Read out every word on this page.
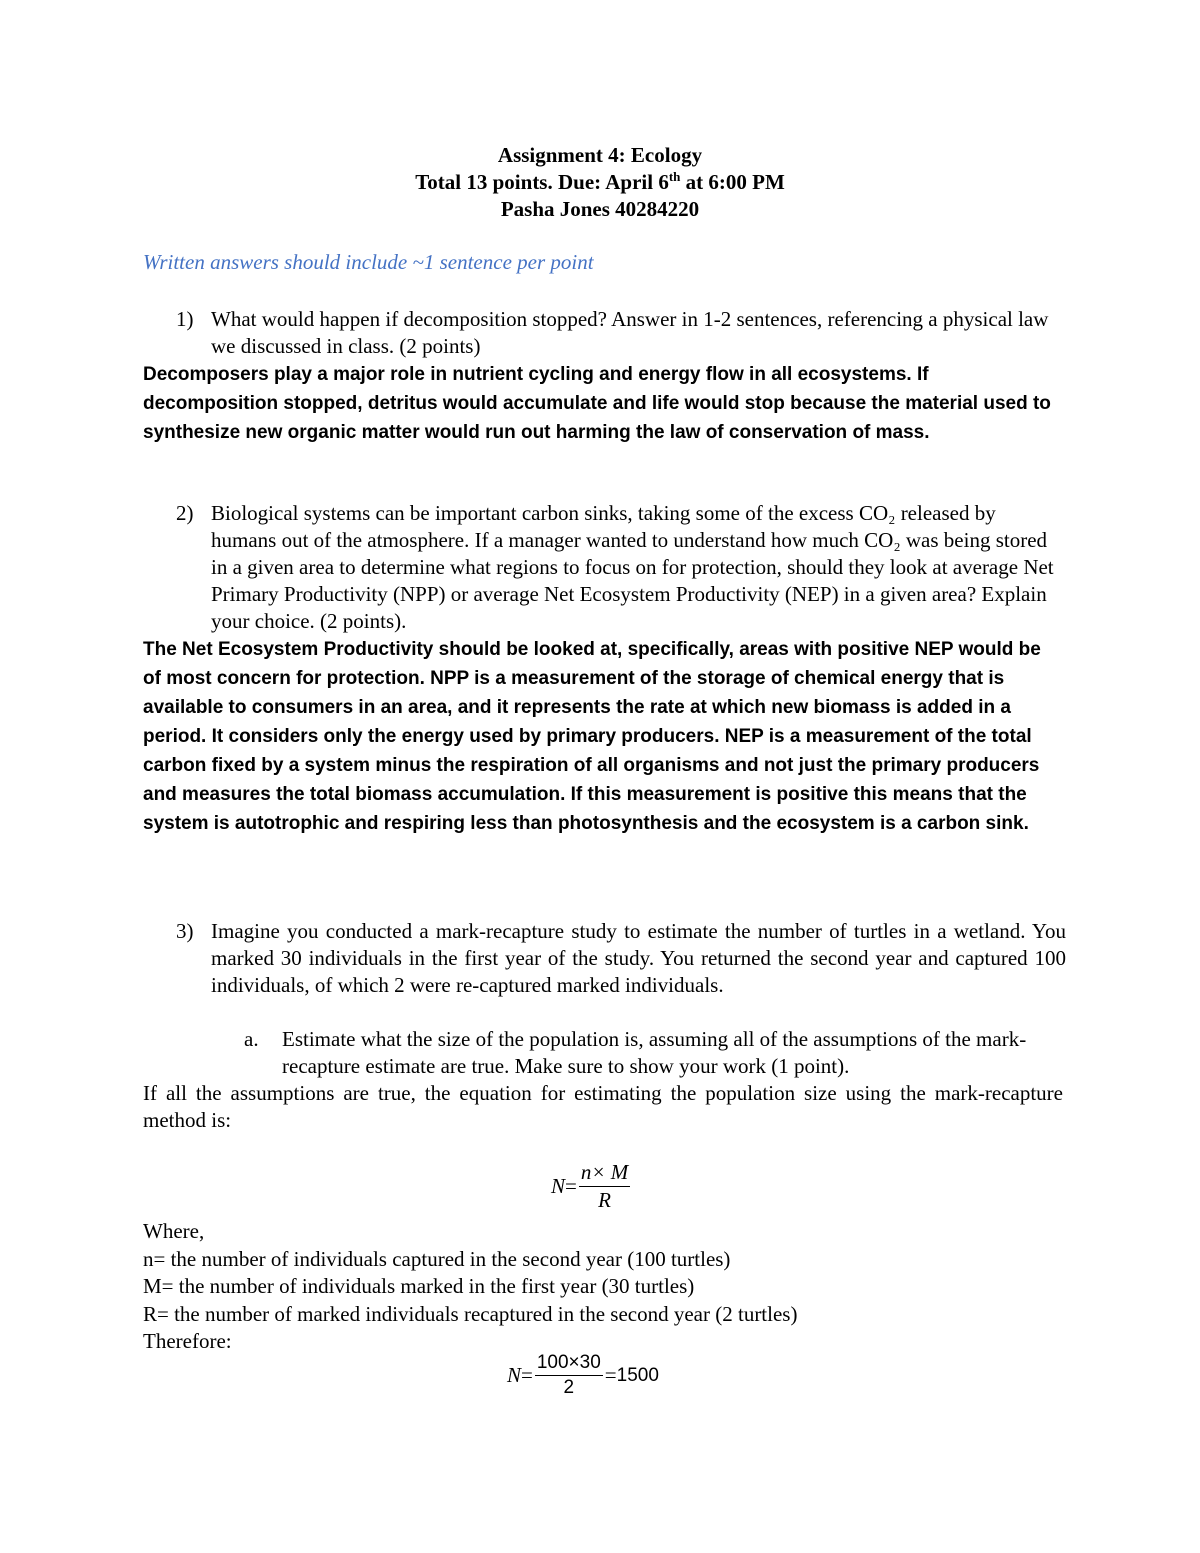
Assignment 4: Ecology
Total 13 points. Due: April 6th at 6:00 PM
Pasha Jones 40284220
Written answers should include ~1 sentence per point
1) What would happen if decomposition stopped? Answer in 1-2 sentences, referencing a physical law we discussed in class. (2 points)
Decomposers play a major role in nutrient cycling and energy flow in all ecosystems. If decomposition stopped, detritus would accumulate and life would stop because the material used to synthesize new organic matter would run out harming the law of conservation of mass.
2) Biological systems can be important carbon sinks, taking some of the excess CO₂ released by humans out of the atmosphere. If a manager wanted to understand how much CO₂ was being stored in a given area to determine what regions to focus on for protection, should they look at average Net Primary Productivity (NPP) or average Net Ecosystem Productivity (NEP) in a given area? Explain your choice. (2 points).
The Net Ecosystem Productivity should be looked at, specifically, areas with positive NEP would be of most concern for protection. NPP is a measurement of the storage of chemical energy that is available to consumers in an area, and it represents the rate at which new biomass is added in a period. It considers only the energy used by primary producers. NEP is a measurement of the total carbon fixed by a system minus the respiration of all organisms and not just the primary producers and measures the total biomass accumulation. If this measurement is positive this means that the system is autotrophic and respiring less than photosynthesis and the ecosystem is a carbon sink.
3) Imagine you conducted a mark-recapture study to estimate the number of turtles in a wetland. You marked 30 individuals in the first year of the study. You returned the second year and captured 100 individuals, of which 2 were re-captured marked individuals.
a. Estimate what the size of the population is, assuming all of the assumptions of the mark-recapture estimate are true. Make sure to show your work (1 point).
If all the assumptions are true, the equation for estimating the population size using the mark-recapture method is:
$N = \frac{n\times M}{R}$
Where,
n= the number of individuals captured in the second year (100 turtles)
M= the number of individuals marked in the first year (30 turtles)
R= the number of marked individuals recaptured in the second year (2 turtles)
Therefore:
$N = \frac{100\times 30}{2} = 1500$
